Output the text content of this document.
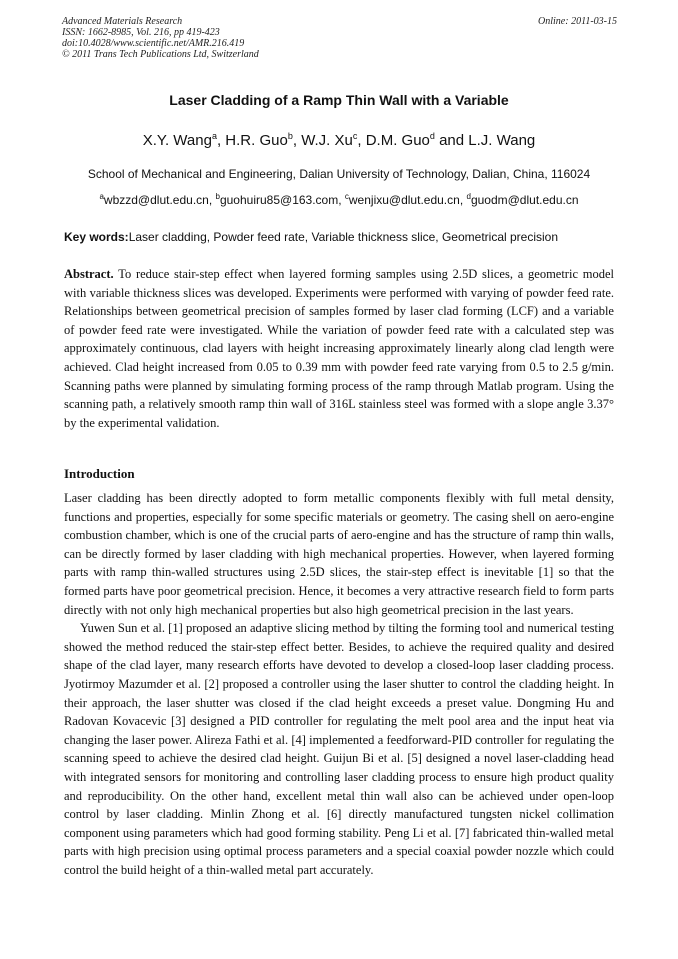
Advanced Materials Research
ISSN: 1662-8985, Vol. 216, pp 419-423
doi:10.4028/www.scientific.net/AMR.216.419
© 2011 Trans Tech Publications Ltd, Switzerland
Online: 2011-03-15
Laser Cladding of a Ramp Thin Wall with a Variable
X.Y. Wang$^a$, H.R. Guo$^b$, W.J. Xu$^c$, D.M. Guo$^d$ and L.J. Wang
School of Mechanical and Engineering, Dalian University of Technology, Dalian, China, 116024
$^a$wbzzd@dlut.edu.cn, $^b$guohuiru85@163.com, $^c$wenjixu@dlut.edu.cn, $^d$guodm@dlut.edu.cn
Key words:Laser cladding, Powder feed rate, Variable thickness slice, Geometrical precision
Abstract. To reduce stair-step effect when layered forming samples using 2.5D slices, a geometric model with variable thickness slices was developed. Experiments were performed with varying of powder feed rate. Relationships between geometrical precision of samples formed by laser clad forming (LCF) and a variable of powder feed rate were investigated. While the variation of powder feed rate with a calculated step was approximately continuous, clad layers with height increasing approximately linearly along clad length were achieved. Clad height increased from 0.05 to 0.39 mm with powder feed rate varying from 0.5 to 2.5 g/min. Scanning paths were planned by simulating forming process of the ramp through Matlab program. Using the scanning path, a relatively smooth ramp thin wall of 316L stainless steel was formed with a slope angle 3.37° by the experimental validation.
Introduction

Laser cladding has been directly adopted to form metallic components flexibly with full metal density, functions and properties, especially for some specific materials or geometry. The casing shell on aero-engine combustion chamber, which is one of the crucial parts of aero-engine and has the structure of ramp thin walls, can be directly formed by laser cladding with high mechanical properties. However, when layered forming parts with ramp thin-walled structures using 2.5D slices, the stair-step effect is inevitable [1] so that the formed parts have poor geometrical precision. Hence, it becomes a very attractive research field to form parts directly with not only high mechanical properties but also high geometrical precision in the last years.

Yuwen Sun et al. [1] proposed an adaptive slicing method by tilting the forming tool and numerical testing showed the method reduced the stair-step effect better. Besides, to achieve the required quality and desired shape of the clad layer, many research efforts have devoted to develop a closed-loop laser cladding process. Jyotirmoy Mazumder et al. [2] proposed a controller using the laser shutter to control the cladding height. In their approach, the laser shutter was closed if the clad height exceeds a preset value. Dongming Hu and Radovan Kovacevic [3] designed a PID controller for regulating the melt pool area and the input heat via changing the laser power. Alireza Fathi et al. [4] implemented a feedforward-PID controller for regulating the scanning speed to achieve the desired clad height. Guijun Bi et al. [5] designed a novel laser-cladding head with integrated sensors for monitoring and controlling laser cladding process to ensure high product quality and reproducibility. On the other hand, excellent metal thin wall also can be achieved under open-loop control by laser cladding. Minlin Zhong et al. [6] directly manufactured tungsten nickel collimation component using parameters which had good forming stability. Peng Li et al. [7] fabricated thin-walled metal parts with high precision using optimal process parameters and a special coaxial powder nozzle which could control the build height of a thin-walled metal part accurately.
